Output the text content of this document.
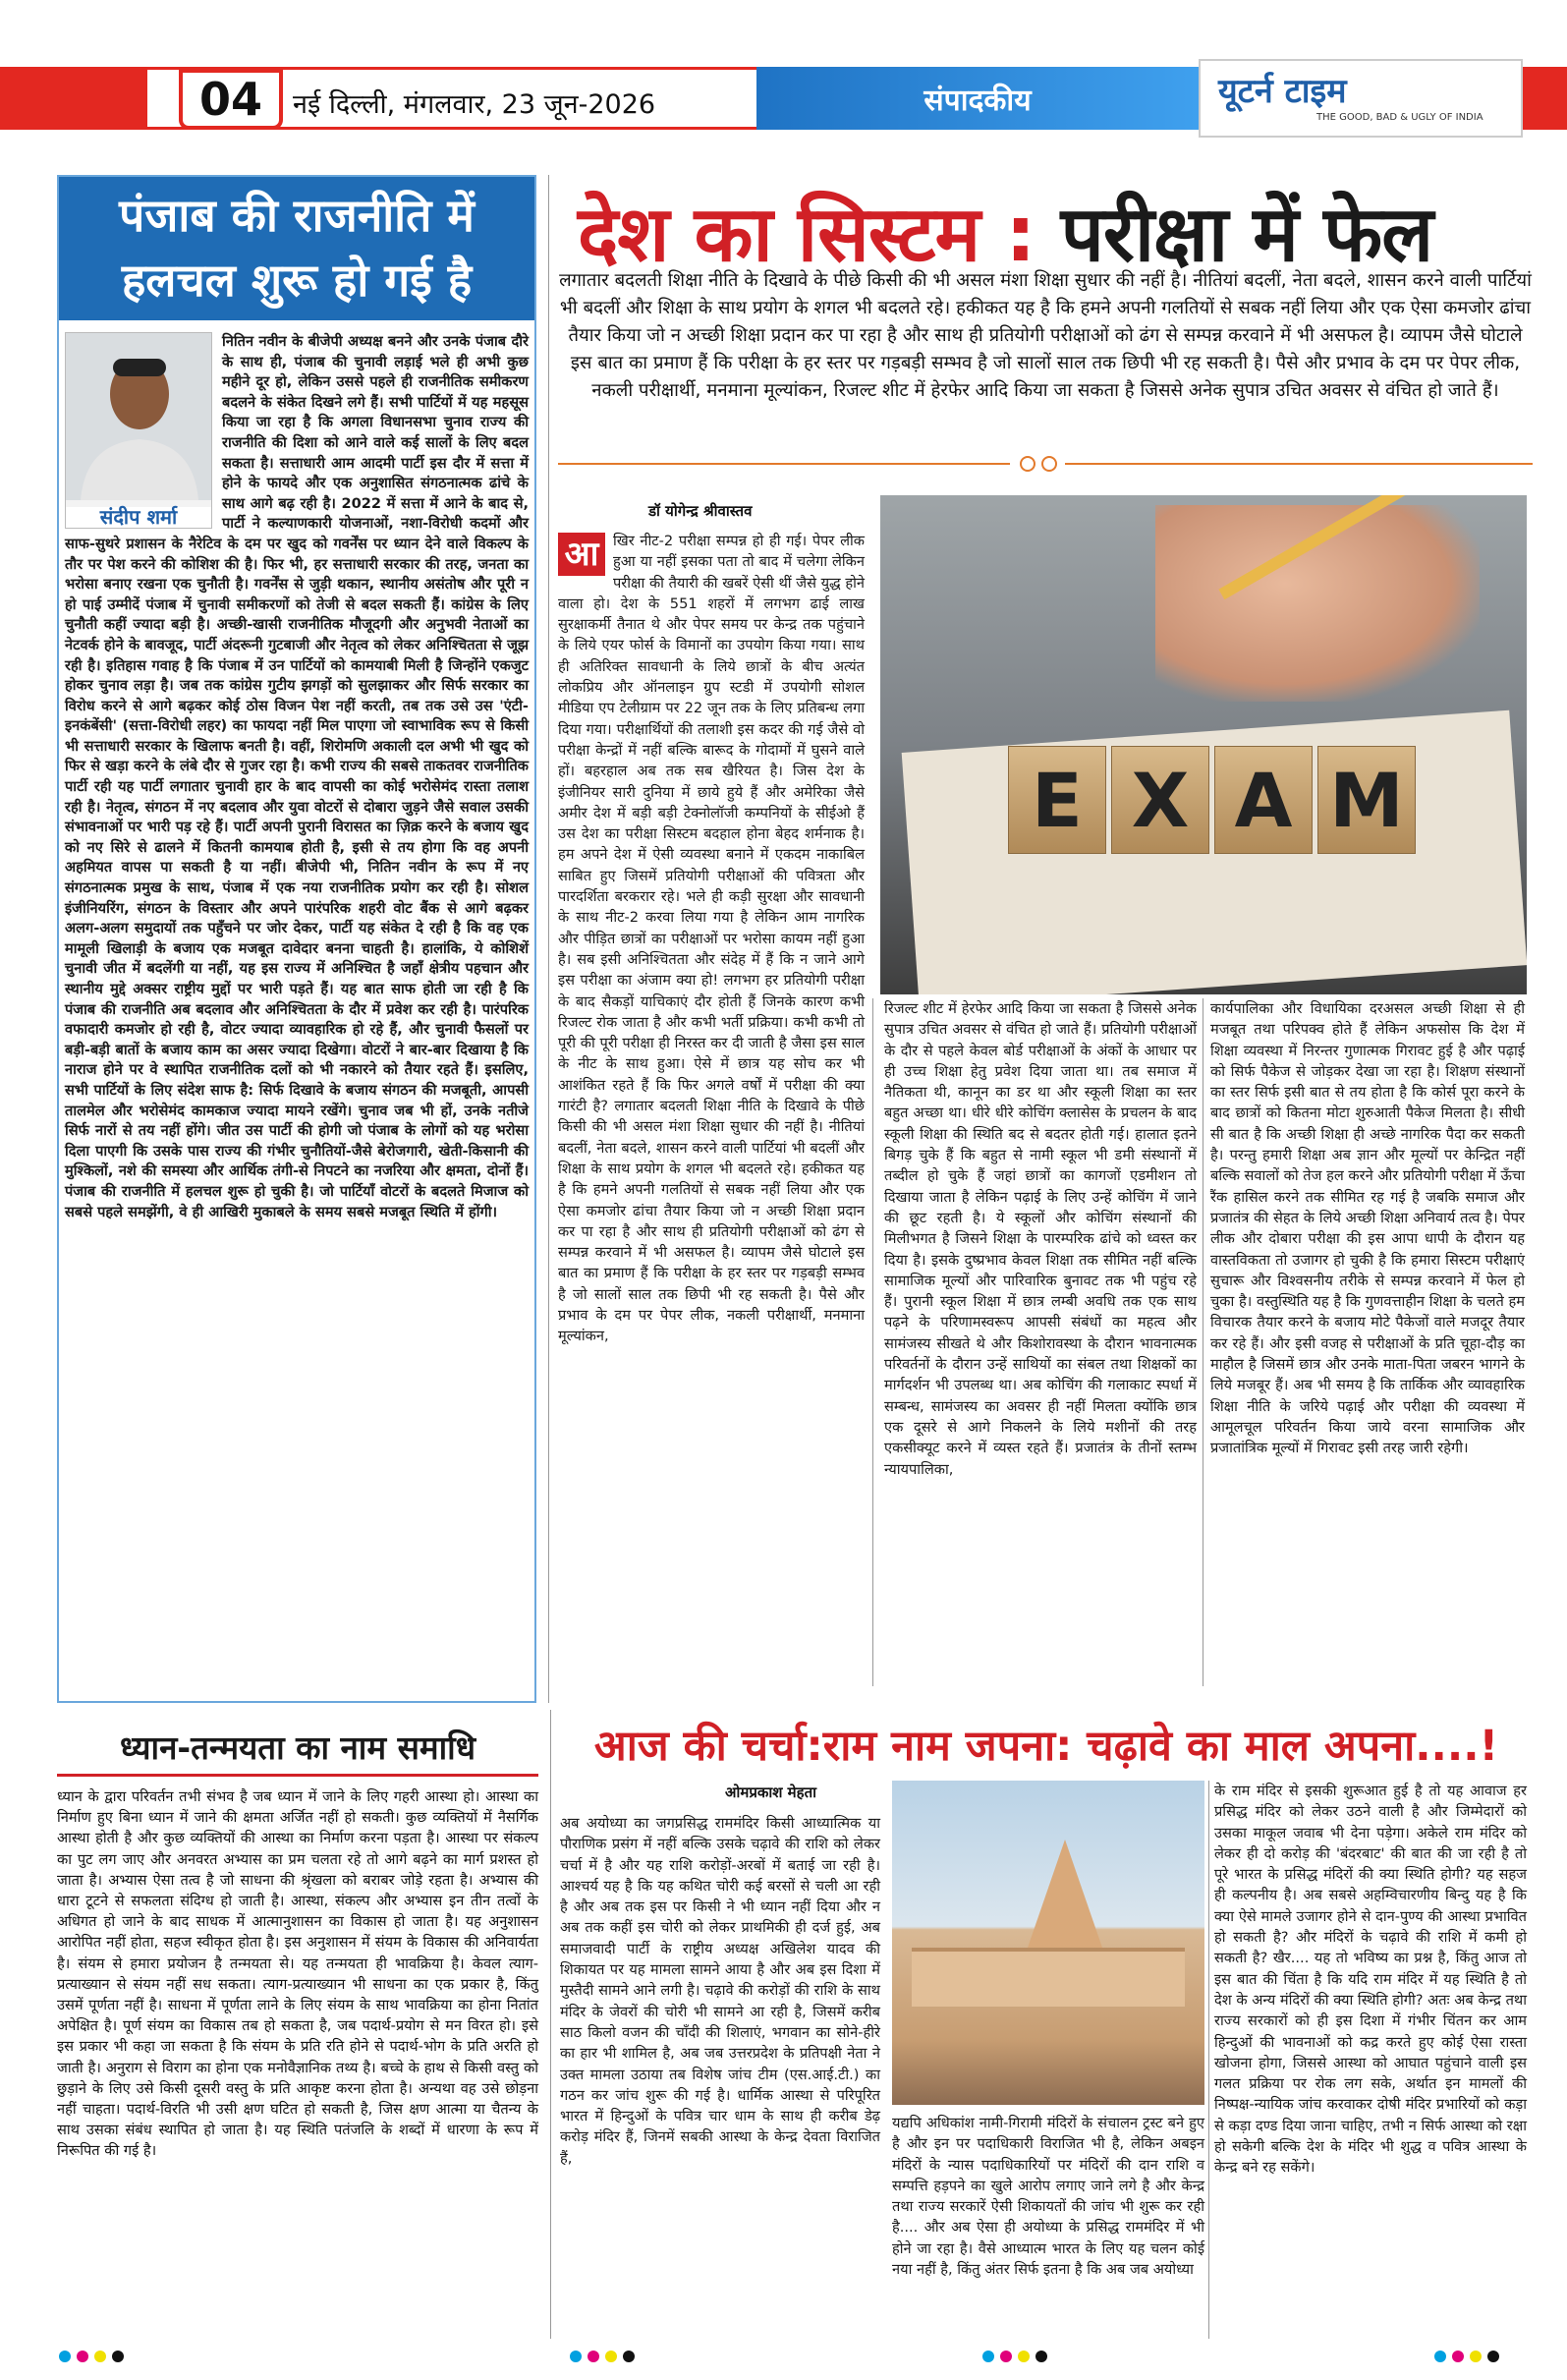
04	नई दिल्ली, मंगलवार, 23 जून-2026	संपादकीय	यूटर्न टाइम
THE GOOD, BAD & UGLY OF INDIA
पंजाब की राजनीति में हलचल शुरू हो गई है
संदीप शर्मा
नितिन नवीन के बीजेपी अध्यक्ष बनने और उनके पंजाब दौरे के साथ ही, पंजाब की चुनावी लड़ाई भले ही अभी कुछ महीने दूर हो, लेकिन उससे पहले ही राजनीतिक समीकरण बदलने के संकेत दिखने लगे हैं। सभी पार्टियों में यह महसूस किया जा रहा है कि अगला विधानसभा चुनाव राज्य की राजनीति की दिशा को आने वाले कई सालों के लिए बदल सकता है। सत्ताधारी आम आदमी पार्टी इस दौर में सत्ता में होने के फायदे और एक अनुशासित संगठनात्मक ढांचे के साथ आगे बढ़ रही है। 2022 में सत्ता में आने के बाद से, पार्टी ने कल्याणकारी योजनाओं, नशा-विरोधी कदमों और साफ-सुथरे प्रशासन के नैरेटिव के दम पर खुद को गवर्नेंस पर ध्यान देने वाले विकल्प के तौर पर पेश करने की कोशिश की है। फिर भी, हर सत्ताधारी सरकार की तरह, जनता का भरोसा बनाए रखना एक चुनौती है। गवर्नेंस से जुड़ी थकान, स्थानीय असंतोष और पूरी न हो पाई उम्मीदें पंजाब में चुनावी समीकरणों को तेजी से बदल सकती हैं। कांग्रेस के लिए चुनौती कहीं ज्यादा बड़ी है। अच्छी-खासी राजनीतिक मौजूदगी और अनुभवी नेताओं का नेटवर्क होने के बावजूद, पार्टी अंदरूनी गुटबाजी और नेतृत्व को लेकर अनिश्चितता से जूझ रही है। इतिहास गवाह है कि पंजाब में उन पार्टियों को कामयाबी मिली है जिन्होंने एकजुट होकर चुनाव लड़ा है। जब तक कांग्रेस गुटीय झगड़ों को सुलझाकर और सिर्फ सरकार का विरोध करने से आगे बढ़कर कोई ठोस विजन पेश नहीं करती, तब तक उसे उस 'एंटी-इनकंबेंसी' (सत्ता-विरोधी लहर) का फायदा नहीं मिल पाएगा जो स्वाभाविक रूप से किसी भी सत्ताधारी सरकार के खिलाफ बनती है। वहीं, शिरोमणि अकाली दल अभी भी खुद को फिर से खड़ा करने के लंबे दौर से गुजर रहा है। कभी राज्य की सबसे ताकतवर राजनीतिक पार्टी रही यह पार्टी लगातार चुनावी हार के बाद वापसी का कोई भरोसेमंद रास्ता तलाश रही है। नेतृत्व, संगठन में नए बदलाव और युवा वोटरों से दोबारा जुड़ने जैसे सवाल उसकी संभावनाओं पर भारी पड़ रहे हैं। पार्टी अपनी पुरानी विरासत का ज़िक्र करने के बजाय खुद को नए सिरे से ढालने में कितनी कामयाब होती है, इसी से तय होगा कि वह अपनी अहमियत वापस पा सकती है या नहीं। बीजेपी भी, नितिन नवीन के रूप में नए संगठनात्मक प्रमुख के साथ, पंजाब में एक नया राजनीतिक प्रयोग कर रही है। सोशल इंजीनियरिंग, संगठन के विस्तार और अपने पारंपरिक शहरी वोट बैंक से आगे बढ़कर अलग-अलग समुदायों तक पहुँचने पर जोर देकर, पार्टी यह संकेत दे रही है कि वह एक मामूली खिलाड़ी के बजाय एक मजबूत दावेदार बनना चाहती है। हालांकि, ये कोशिशें चुनावी जीत में बदलेंगी या नहीं, यह इस राज्य में अनिश्चित है जहाँ क्षेत्रीय पहचान और स्थानीय मुद्दे अक्सर राष्ट्रीय मुद्दों पर भारी पड़ते हैं। यह बात साफ होती जा रही है कि पंजाब की राजनीति अब बदलाव और अनिश्चितता के दौर में प्रवेश कर रही है। पारंपरिक वफादारी कमजोर हो रही है, वोटर ज्यादा व्यावहारिक हो रहे हैं, और चुनावी फैसलों पर बड़ी-बड़ी बातों के बजाय काम का असर ज्यादा दिखेगा। वोटरों ने बार-बार दिखाया है कि नाराज होने पर वे स्थापित राजनीतिक दलों को भी नकारने को तैयार रहते हैं। इसलिए, सभी पार्टियों के लिए संदेश साफ है: सिर्फ दिखावे के बजाय संगठन की मजबूती, आपसी तालमेल और भरोसेमंद कामकाज ज्यादा मायने रखेंगे। चुनाव जब भी हों, उनके नतीजे सिर्फ नारों से तय नहीं होंगे। जीत उस पार्टी की होगी जो पंजाब के लोगों को यह भरोसा दिला पाएगी कि उसके पास राज्य की गंभीर चुनौतियों-जैसे बेरोजगारी, खेती-किसानी की मुश्किलों, नशे की समस्या और आर्थिक तंगी-से निपटने का नजरिया और क्षमता, दोनों हैं। पंजाब की राजनीति में हलचल शुरू हो चुकी है। जो पार्टियाँ वोटरों के बदलते मिजाज को सबसे पहले समझेंगी, वे ही आखिरी मुकाबले के समय सबसे मजबूत स्थिति में होंगी।
देश का सिस्टम : परीक्षा में फेल
लगातार बदलती शिक्षा नीति के दिखावे के पीछे किसी की भी असल मंशा शिक्षा सुधार की नहीं है। नीतियां बदलीं, नेता बदले, शासन करने वाली पार्टियां भी बदलीं और शिक्षा के साथ प्रयोग के शगल भी बदलते रहे। हकीकत यह है कि हमने अपनी गलतियों से सबक नहीं लिया और एक ऐसा कमजोर ढांचा तैयार किया जो न अच्छी शिक्षा प्रदान कर पा रहा है और साथ ही प्रतियोगी परीक्षाओं को ढंग से सम्पन्न करवाने में भी असफल है। व्यापम जैसे घोटाले इस बात का प्रमाण हैं कि परीक्षा के हर स्तर पर गड़बड़ी सम्भव है जो सालों साल तक छिपी भी रह सकती है। पैसे और प्रभाव के दम पर पेपर लीक, नकली परीक्षार्थी, मनमाना मूल्यांकन, रिजल्ट शीट में हेरफेर आदि किया जा सकता है जिससे अनेक सुपात्र उचित अवसर से वंचित हो जाते हैं।
डॉ योगेन्द्र श्रीवास्तव
आ	खिर नीट-2 परीक्षा सम्पन्न हो ही गई। पेपर लीक हुआ या नहीं इसका पता तो बाद में चलेगा लेकिन परीक्षा की तैयारी की खबरें ऐसी थीं जैसे युद्ध होने वाला हो। देश के 551 शहरों में लगभग ढाई लाख सुरक्षाकर्मी तैनात थे और पेपर समय पर केन्द्र तक पहुंचाने के लिये एयर फोर्स के विमानों का उपयोग किया गया। साथ ही अतिरिक्त सावधानी के लिये छात्रों के बीच अत्यंत लोकप्रिय और ऑनलाइन ग्रुप स्टडी में उपयोगी सोशल मीडिया एप टेलीग्राम पर 22 जून तक के लिए प्रतिबन्ध लगा दिया गया। परीक्षार्थियों की तलाशी इस कदर की गई जैसे वो परीक्षा केन्द्रों में नहीं बल्कि बारूद के गोदामों में घुसने वाले हों। बहरहाल अब तक सब खैरियत है। जिस देश के इंजीनियर सारी दुनिया में छाये हुये हैं और अमेरिका जैसे अमीर देश में बड़ी बड़ी टेक्नोलॉजी कम्पनियों के सीईओ हैं उस देश का परीक्षा सिस्टम बदहाल होना बेहद शर्मनाक है। हम अपने देश में ऐसी व्यवस्था बनाने में एकदम नाकाबिल साबित हुए जिसमें प्रतियोगी परीक्षाओं की पवित्रता और पारदर्शिता बरकरार रहे। भले ही कड़ी सुरक्षा और सावधानी के साथ नीट-2 करवा लिया गया है लेकिन आम नागरिक और पीड़ित छात्रों का परीक्षाओं पर भरोसा कायम नहीं हुआ है। सब इसी अनिश्चितता और संदेह में हैं कि न जाने आगे इस परीक्षा का अंजाम क्या हो! लगभग हर प्रतियोगी परीक्षा के बाद सैकड़ों याचिकाएं दौर होती हैं जिनके कारण कभी रिजल्ट रोक जाता है और कभी भर्ती प्रक्रिया। कभी कभी तो पूरी की पूरी परीक्षा ही निरस्त कर दी जाती है जैसा इस साल के नीट के साथ हुआ। ऐसे में छात्र यह सोच कर भी आशंकित रहते हैं कि फिर अगले वर्षों में परीक्षा की क्या गारंटी है? लगातार बदलती शिक्षा नीति के दिखावे के पीछे किसी की भी असल मंशा शिक्षा सुधार की नहीं है। नीतियां बदलीं, नेता बदले, शासन करने वाली पार्टियां भी बदलीं और शिक्षा के साथ प्रयोग के शगल भी बदलते रहे। हकीकत यह है कि हमने अपनी गलतियों से सबक नहीं लिया और एक ऐसा कमजोर ढांचा तैयार किया जो न अच्छी शिक्षा प्रदान कर पा रहा है और साथ ही प्रतियोगी परीक्षाओं को ढंग से सम्पन्न करवाने में भी असफल है। व्यापम जैसे घोटाले इस बात का प्रमाण हैं कि परीक्षा के हर स्तर पर गड़बड़ी सम्भव है जो सालों साल तक छिपी भी रह सकती है। पैसे और प्रभाव के दम पर पेपर लीक, नकली परीक्षार्थी, मनमाना मूल्यांकन,
E X A M
रिजल्ट शीट में हेरफेर आदि किया जा सकता है जिससे अनेक सुपात्र उचित अवसर से वंचित हो जाते हैं। प्रतियोगी परीक्षाओं के दौर से पहले केवल बोर्ड परीक्षाओं के अंकों के आधार पर ही उच्च शिक्षा हेतु प्रवेश दिया जाता था। तब समाज में नैतिकता थी, कानून का डर था और स्कूली शिक्षा का स्तर बहुत अच्छा था। धीरे धीरे कोचिंग क्लासेस के प्रचलन के बाद स्कूली शिक्षा की स्थिति बद से बदतर होती गई। हालात इतने बिगड़ चुके हैं कि बहुत से नामी स्कूल भी डमी संस्थानों में तब्दील हो चुके हैं जहां छात्रों का कागजों एडमीशन तो दिखाया जाता है लेकिन पढ़ाई के लिए उन्हें कोचिंग में जाने की छूट रहती है। ये स्कूलों और कोचिंग संस्थानों की मिलीभगत है जिसने शिक्षा के पारम्परिक ढांचे को ध्वस्त कर दिया है। इसके दुष्प्रभाव केवल शिक्षा तक सीमित नहीं बल्कि सामाजिक मूल्यों और पारिवारिक बुनावट तक भी पहुंच रहे हैं। पुरानी स्कूल शिक्षा में छात्र लम्बी अवधि तक एक साथ पढ़ने के परिणामस्वरूप आपसी संबंधों का महत्व और सामंजस्य सीखते थे और किशोरावस्था के दौरान भावनात्मक परिवर्तनों के दौरान उन्हें साथियों का संबल तथा शिक्षकों का मार्गदर्शन भी उपलब्ध था। अब कोचिंग की गलाकाट स्पर्धा में सम्बन्ध, सामंजस्य का अवसर ही नहीं मिलता क्योंकि छात्र एक दूसरे से आगे निकलने के लिये मशीनों की तरह एकसीक्यूट करने में व्यस्त रहते हैं। प्रजातंत्र के तीनों स्तम्भ न्यायपालिका,
कार्यपालिका और विधायिका दरअसल अच्छी शिक्षा से ही मजबूत तथा परिपक्व होते हैं लेकिन अफसोस कि देश में शिक्षा व्यवस्था में निरन्तर गुणात्मक गिरावट हुई है और पढ़ाई को सिर्फ पैकेज से जोड़कर देखा जा रहा है। शिक्षण संस्थानों का स्तर सिर्फ इसी बात से तय होता है कि कोर्स पूरा करने के बाद छात्रों को कितना मोटा शुरुआती पैकेज मिलता है। सीधी सी बात है कि अच्छी शिक्षा ही अच्छे नागरिक पैदा कर सकती है। परन्तु हमारी शिक्षा अब ज्ञान और मूल्यों पर केन्द्रित नहीं बल्कि सवालों को तेज हल करने और प्रतियोगी परीक्षा में ऊँचा रैंक हासिल करने तक सीमित रह गई है जबकि समाज और प्रजातंत्र की सेहत के लिये अच्छी शिक्षा अनिवार्य तत्व है। पेपर लीक और दोबारा परीक्षा की इस आपा धापी के दौरान यह वास्तविकता तो उजागर हो चुकी है कि हमारा सिस्टम परीक्षाएं सुचारू और विश्वसनीय तरीके से सम्पन्न करवाने में फेल हो चुका है। वस्तुस्थिति यह है कि गुणवत्ताहीन शिक्षा के चलते हम विचारक तैयार करने के बजाय मोटे पैकेजों वाले मजदूर तैयार कर रहे हैं। और इसी वजह से परीक्षाओं के प्रति चूहा-दौड़ का माहौल है जिसमें छात्र और उनके माता-पिता जबरन भागने के लिये मजबूर हैं। अब भी समय है कि तार्किक और व्यावहारिक शिक्षा नीति के जरिये पढ़ाई और परीक्षा की व्यवस्था में आमूलचूल परिवर्तन किया जाये वरना सामाजिक और प्रजातांत्रिक मूल्यों में गिरावट इसी तरह जारी रहेगी।
ध्यान-तन्मयता का नाम समाधि
ध्यान के द्वारा परिवर्तन तभी संभव है जब ध्यान में जाने के लिए गहरी आस्था हो। आस्था का निर्माण हुए बिना ध्यान में जाने की क्षमता अर्जित नहीं हो सकती। कुछ व्यक्तियों में नैसर्गिक आस्था होती है और कुछ व्यक्तियों की आस्था का निर्माण करना पड़ता है। आस्था पर संकल्प का पुट लग जाए और अनवरत अभ्यास का प्रम चलता रहे तो आगे बढ़ने का मार्ग प्रशस्त हो जाता है। अभ्यास ऐसा तत्व है जो साधना की श्रृंखला को बराबर जोड़े रहता है। अभ्यास की धारा टूटने से सफलता संदिग्ध हो जाती है। आस्था, संकल्प और अभ्यास इन तीन तत्वों के अधिगत हो जाने के बाद साधक में आत्मानुशासन का विकास हो जाता है। यह अनुशासन आरोपित नहीं होता, सहज स्वीकृत होता है। इस अनुशासन में संयम के विकास की अनिवार्यता है। संयम से हमारा प्रयोजन है तन्मयता से। यह तन्मयता ही भावक्रिया है। केवल त्याग-प्रत्याख्यान से संयम नहीं सध सकता। त्याग-प्रत्याख्यान भी साधना का एक प्रकार है, किंतु उसमें पूर्णता नहीं है। साधना में पूर्णता लाने के लिए संयम के साथ भावक्रिया का होना नितांत अपेक्षित है। पूर्ण संयम का विकास तब हो सकता है, जब पदार्थ-प्रयोग से मन विरत हो। इसे इस प्रकार भी कहा जा सकता है कि संयम के प्रति रति होने से पदार्थ-भोग के प्रति अरति हो जाती है। अनुराग से विराग का होना एक मनोवैज्ञानिक तथ्य है। बच्चे के हाथ से किसी वस्तु को छुड़ाने के लिए उसे किसी दूसरी वस्तु के प्रति आकृष्ट करना होता है। अन्यथा वह उसे छोड़ना नहीं चाहता। पदार्थ-विरति भी उसी क्षण घटित हो सकती है, जिस क्षण आत्मा या चैतन्य के साथ उसका संबंध स्थापित हो जाता है। यह स्थिति पतंजलि के शब्दों में धारणा के रूप में निरूपित की गई है।
आज की चर्चा:राम नाम जपना: चढ़ावे का माल अपना....!
ओमप्रकाश मेहता
अब अयोध्या का जगप्रसिद्ध राममंदिर किसी आध्यात्मिक या पौराणिक प्रसंग में नहीं बल्कि उसके चढ़ावे की राशि को लेकर चर्चा में है और यह राशि करोड़ों-अरबों में बताई जा रही है। आश्चर्य यह है कि यह कथित चोरी कई बरसों से चली आ रही है और अब तक इस पर किसी ने भी ध्यान नहीं दिया और न अब तक कहीं इस चोरी को लेकर प्राथमिकी ही दर्ज हुई, अब समाजवादी पार्टी के राष्ट्रीय अध्यक्ष अखिलेश यादव की शिकायत पर यह मामला सामने आया है और अब इस दिशा में मुस्तैदी सामने आने लगी है। चढ़ावे की करोड़ों की राशि के साथ मंदिर के जेवरों की चोरी भी सामने आ रही है, जिसमें करीब साठ किलो वजन की चाँदी की शिलाएं, भगवान का सोने-हीरे का हार भी शामिल है, अब जब उत्तरप्रदेश के प्रतिपक्षी नेता ने उक्त मामला उठाया तब विशेष जांच टीम (एस.आई.टी.) का गठन कर जांच शुरू की गई है। धार्मिक आस्था से परिपूरित भारत में हिन्दुओं के पवित्र चार धाम के साथ ही करीब डेढ़ करोड़ मंदिर हैं, जिनमें सबकी आस्था के केन्द्र देवता विराजित हैं,
यद्यपि अधिकांश नामी-गिरामी मंदिरों के संचालन ट्रस्ट बने हुए है और इन पर पदाधिकारी विराजित भी है, लेकिन अबइन मंदिरों के न्यास पदाधिकारियों पर मंदिरों की दान राशि व सम्पत्ति हड़पने का खुले आरोप लगाए जाने लगे है और केन्द्र तथा राज्य सरकारें ऐसी शिकायतों की जांच भी शुरू कर रही है.... और अब ऐसा ही अयोध्या के प्रसिद्ध राममंदिर में भी होने जा रहा है। वैसे आध्यात्म भारत के लिए यह चलन कोई नया नहीं है, किंतु अंतर सिर्फ इतना है कि अब जब अयोध्या
के राम मंदिर से इसकी शुरूआत हुई है तो यह आवाज हर प्रसिद्ध मंदिर को लेकर उठने वाली है और जिम्मेदारों को उसका माकूल जवाब भी देना पड़ेगा। अकेले राम मंदिर को लेकर ही दो करोड़ की 'बंदरबाट' की बात की जा रही है तो पूरे भारत के प्रसिद्ध मंदिरों की क्या स्थिति होगी? यह सहज ही कल्पनीय है। अब सबसे अहम्विचारणीय बिन्दु यह है कि क्या ऐसे मामले उजागर होने से दान-पुण्य की आस्था प्रभावित हो सकती है? और मंदिरों के चढ़ावे की राशि में कमी हो सकती है? खैर.... यह तो भविष्य का प्रश्न है, किंतु आज तो इस बात की चिंता है कि यदि राम मंदिर में यह स्थिति है तो देश के अन्य मंदिरों की क्या स्थिति होगी? अतः अब केन्द्र तथा राज्य सरकारों को ही इस दिशा में गंभीर चिंतन कर आम हिन्दुओं की भावनाओं को कद्र करते हुए कोई ऐसा रास्ता खोजना होगा, जिससे आस्था को आघात पहुंचाने वाली इस गलत प्रक्रिया पर रोक लग सके, अर्थात इन मामलों की निष्पक्ष-न्यायिक जांच करवाकर दोषी मंदिर प्रभारियों को कड़ा से कड़ा दण्ड दिया जाना चाहिए, तभी न सिर्फ आस्था को रक्षा हो सकेगी बल्कि देश के मंदिर भी शुद्ध व पवित्र आस्था के केन्द्र बने रह सकेंगे।
